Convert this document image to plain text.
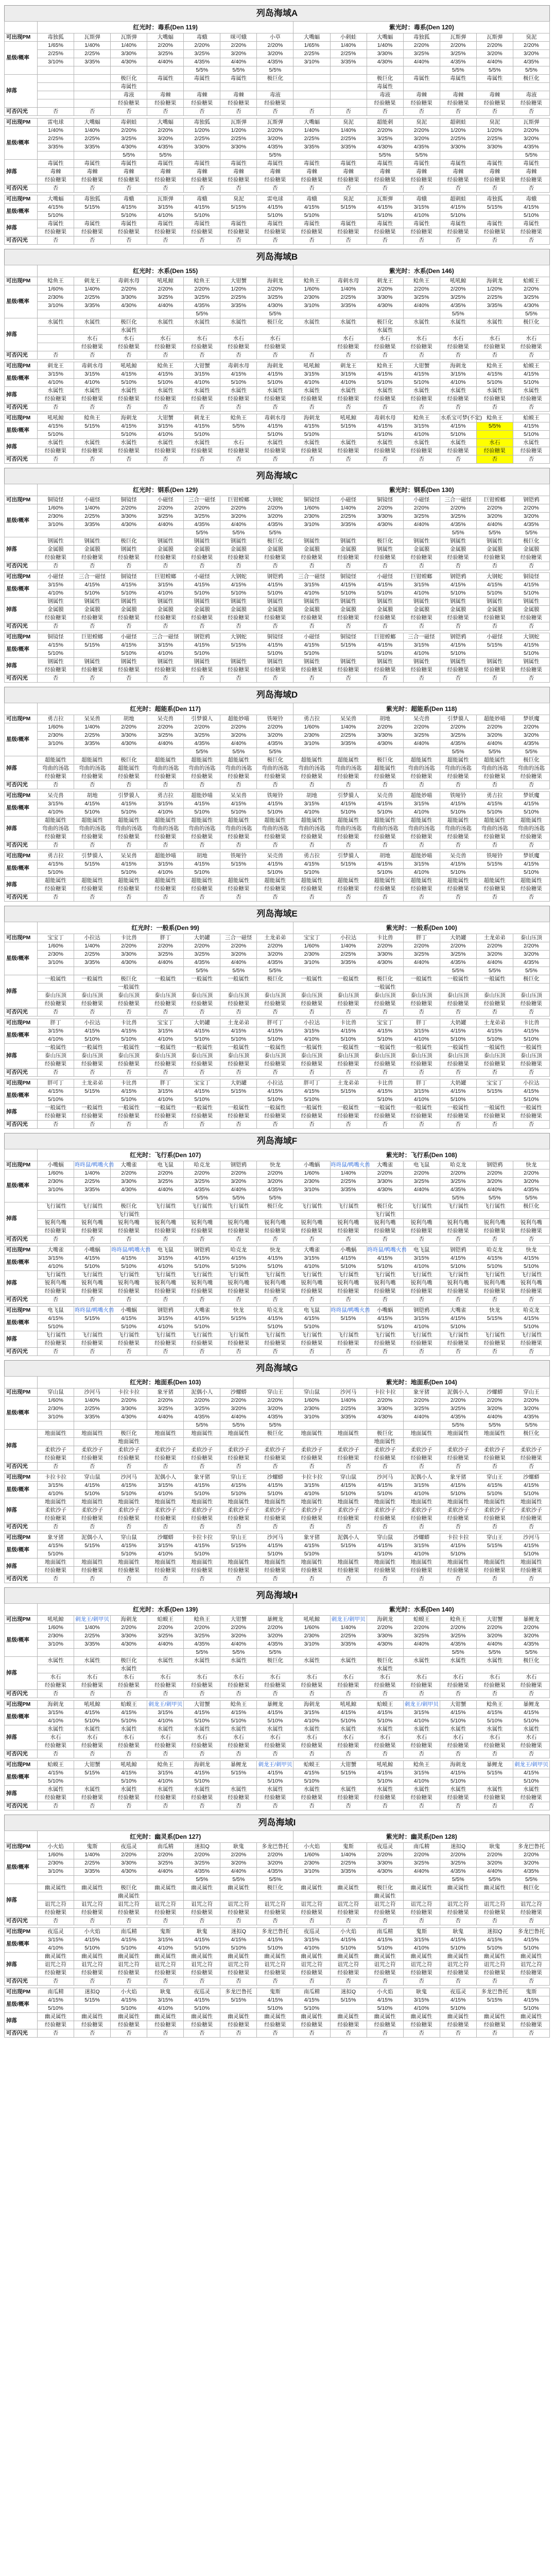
列岛海域A
	红光时：毒系(Den 119)							紫光时：毒系(Den 120)						
可出现PM	毒独狐	瓦斯弹	瓦斯弹	大嘴蝠	毒蛾	咪可蛾	小草	大嘴蝠	小刺蛙	大嘴蝠	毒独狐	瓦斯弹	瓦斯弹	臭泥
星级/概率	1/65%	1/40%	1/40%	2/20%	2/20%	2/20%	2/20%	1/65%	1/40%	1/40%	2/20%	2/20%	2/20%	2/20%
	2/25%	2/25%	3/30%	3/25%	3/25%	3/20%	3/20%	2/25%	2/25%	3/30%	3/25%	3/25%	3/20%	3/20%
	3/10%	3/35%	4/30%	4/40%	4/35%	4/40%	4/35%	3/10%	3/35%	4/30%	4/40%	4/35%	4/40%	4/35%
					5/5%	5/5%	5/5%					5/5%	5/5%	5/5%
掉落			极巨化	毒属性	毒属性	毒属性	极巨化			极巨化	毒属性	毒属性	毒属性	极巨化
			毒属性							毒属性				
			毒液	毒棘	毒棘	毒棘	毒液			毒液	毒棘	毒棘	毒棘	毒液
			经验糖果	经验糖果	经验糖果	经验糖果	经验糖果			经验糖果	经验糖果	经验糖果	经验糖果	经验糖果
可否闪光	否	否	否	否	否	否	否	否	否	否	否	否	否	否

可出现PM	雷电球	大嘴蝠	毒刺蛙	大嘴蝠	毒独狐	瓦斯弹	瓦斯弹	大嘴蝠	臭泥	超能刺	臭泥	超刺蛙	臭泥	瓦斯弹
星级/概率	1/40%	1/40%	2/20%	2/20%	1/20%	1/20%	2/20%	1/40%	1/40%	2/20%	2/20%	1/20%	1/20%	2/20%
	2/25%	2/25%	3/25%	3/20%	2/25%	2/25%	3/20%	2/25%	2/25%	3/25%	3/20%	2/25%	2/25%	3/20%
	3/35%	3/35%	4/30%	4/35%	3/30%	3/30%	4/35%	3/35%	3/35%	4/30%	4/35%	3/30%	3/30%	4/35%
			5/5%	5/5%			5/5%			5/5%	5/5%			5/5%
掉落	毒属性	毒属性	毒属性	毒属性	毒属性	毒属性	毒属性	毒属性	毒属性	毒属性	毒属性	毒属性	毒属性	毒属性
	毒棘	毒棘	毒棘	毒棘	毒棘	毒棘	毒棘	毒棘	毒棘	毒棘	毒棘	毒棘	毒棘	毒棘
	经验糖果	经验糖果	经验糖果	经验糖果	经验糖果	经验糖果	经验糖果	经验糖果	经验糖果	经验糖果	经验糖果	经验糖果	经验糖果	经验糖果
可否闪光	否	否	否	否	否	否	否	否	否	否	否	否	否	否

可出现PM	大嘴蝠	毒独狐	毒蛾	瓦斯弹	毒蛾	臭泥	雷电球	毒蛾	臭泥	瓦斯弹	毒蛾	超刺蛙	毒独狐	毒蛾
星级/概率	4/15%	5/15%	4/15%	3/15%	4/15%	5/15%	4/15%	4/15%	5/15%	4/15%	3/15%	4/15%	5/15%	4/15%
	5/10%		5/10%	4/10%	5/10%		5/10%	5/10%		5/10%	4/10%	5/10%		5/10%
掉落	毒属性	毒属性	毒属性	毒属性	毒属性	毒属性	毒属性	毒属性	毒属性	毒属性	毒属性	毒属性	毒属性	毒属性
	经验糖果	经验糖果	经验糖果	经验糖果	经验糖果	经验糖果	经验糖果	经验糖果	经验糖果	经验糖果	经验糖果	经验糖果	经验糖果	经验糖果
可否闪光	否	否	否	否	否	否	否	否	否	否	否	否	否	否
列岛海域B
	红光时：水系(Den 155)							紫光时：水系(Den 146)						
可出现PM	鲶鱼王	刺龙王	毒刺水母	吼吼鲸	鲶鱼王	大钳蟹	海刺龙	鲶鱼王	毒刺水母	刺龙王	鲶鱼王	吼吼鲸	海刺龙	蛤蟆王
星级/概率	1/60%	1/40%	2/20%	2/20%	2/20%	1/20%	2/20%	1/60%	1/40%	2/20%	2/20%	2/20%	1/20%	2/20%
	2/30%	2/25%	3/30%	3/25%	3/25%	2/25%	3/25%	2/30%	2/25%	3/30%	3/25%	3/25%	2/25%	3/25%
	3/10%	3/35%	4/30%	4/40%	4/35%	3/35%	4/30%	3/10%	3/35%	4/30%	4/40%	4/35%	3/35%	4/30%
					5/5%		5/5%					5/5%		5/5%
掉落	水属性	水属性	极巨化	水属性	水属性	水属性	极巨化	水属性	水属性	极巨化	水属性	水属性	水属性	极巨化
			水属性							水属性				
		水石	水石	水石	水石	水石	水石		水石	水石	水石	水石	水石	水石
		经验糖果	经验糖果	经验糖果	经验糖果	经验糖果	经验糖果		经验糖果	经验糖果	经验糖果	经验糖果	经验糖果	经验糖果
可否闪光	否	否	否	否	否	否	否	否	否	否	否	否	否	否

可出现PM	刺龙王	毒刺水母	吼吼鲸	鲶鱼王	大钳蟹	毒刺水母	海刺龙	吼吼鲸	刺龙王	鲶鱼王	大钳蟹	海刺龙	鲶鱼王	蛤蟆王
星级/概率	3/15%	3/15%	4/15%	4/15%	3/15%	4/15%	4/15%	3/15%	3/15%	4/15%	4/15%	3/15%	4/15%	4/15%
	4/10%	4/10%	5/10%	5/10%	4/10%	5/10%	5/10%	4/10%	4/10%	5/10%	5/10%	4/10%	5/10%	5/10%
掉落	水属性	水属性	水属性	水属性	水属性	水属性	水属性	水属性	水属性	水属性	水属性	水属性	水属性	水属性
	经验糖果	经验糖果	经验糖果	经验糖果	经验糖果	经验糖果	经验糖果	经验糖果	经验糖果	经验糖果	经验糖果	经验糖果	经验糖果	经验糖果
可否闪光	否	否	否	否	否	否	否	否	否	否	否	否	否	否

可出现PM	吼吼鲸	鲶鱼王	海刺龙	大钳蟹	刺龙王	鲶鱼王	毒刺水母	海刺龙	吼吼鲸	毒刺水母	鲶鱼王	水系宝可梦(不定)	鲶鱼王	蛤蟆王
星级/概率	4/15%	5/15%	4/15%	3/15%	4/15%	5/5%	4/15%	4/15%	5/15%	4/15%	3/15%	4/15%	5/5%	4/15%
	5/10%		5/10%	4/10%	5/10%		5/10%	5/10%		5/10%	4/10%	5/10%		5/10%
掉落	水属性	水属性	水属性	水属性	水属性	水石	水属性	水属性	水属性	水属性	水属性	水属性	水石	水属性
	经验糖果	经验糖果	经验糖果	经验糖果	经验糖果	经验糖果	经验糖果	经验糖果	经验糖果	经验糖果	经验糖果	经验糖果	经验糖果	经验糖果
可否闪光	否	否	否	否	否	否	否	否	否	否	否	否	否	否
列岛海域C
	红光时：钢系(Den 129)							紫光时：钢系(Den 130)						
可出现PM	铜镜怪	小磁怪	铜镜怪	小磁怪	三合一磁怪	巨钳螳螂	大钢蛇	铜镜怪	小磁怪	铜镜怪	小磁怪	三合一磁怪	巨钳螳螂	钢铠鸦
星级/概率	1/60%	1/40%	2/20%	2/20%	2/20%	2/20%	2/20%	1/60%	1/40%	2/20%	2/20%	2/20%	2/20%	2/20%
	2/30%	2/25%	3/30%	3/25%	3/25%	3/20%	3/20%	2/30%	2/25%	3/30%	3/25%	3/25%	3/20%	3/20%
	3/10%	3/35%	4/30%	4/40%	4/35%	4/40%	4/35%	3/10%	3/35%	4/30%	4/40%	4/35%	4/40%	4/35%
					5/5%	5/5%	5/5%					5/5%	5/5%	5/5%
掉落	钢属性	钢属性	极巨化	钢属性	钢属性	钢属性	极巨化	钢属性	钢属性	极巨化	钢属性	钢属性	钢属性	极巨化
	金属膜	金属膜	钢属性	金属膜	金属膜	金属膜	金属膜	金属膜	金属膜	钢属性	金属膜	金属膜	金属膜	金属膜
	经验糖果	经验糖果	经验糖果	经验糖果	经验糖果	经验糖果	经验糖果	经验糖果	经验糖果	经验糖果	经验糖果	经验糖果	经验糖果	经验糖果
可否闪光	否	否	否	否	否	否	否	否	否	否	否	否	否	否

可出现PM	小磁怪	三合一磁怪	铜镜怪	巨钳螳螂	小磁怪	大钢蛇	钢铠鸦	三合一磁怪	铜镜怪	小磁怪	巨钳螳螂	钢铠鸦	大钢蛇	铜镜怪
星级/概率	3/15%	4/15%	4/15%	3/15%	4/15%	4/15%	4/15%	3/15%	4/15%	4/15%	3/15%	4/15%	4/15%	4/15%
	4/10%	5/10%	5/10%	4/10%	5/10%	5/10%	5/10%	4/10%	5/10%	5/10%	4/10%	5/10%	5/10%	5/10%
掉落	钢属性	钢属性	钢属性	钢属性	钢属性	钢属性	钢属性	钢属性	钢属性	钢属性	钢属性	钢属性	钢属性	钢属性
	金属膜	金属膜	金属膜	金属膜	金属膜	金属膜	金属膜	金属膜	金属膜	金属膜	金属膜	金属膜	金属膜	金属膜
	经验糖果	经验糖果	经验糖果	经验糖果	经验糖果	经验糖果	经验糖果	经验糖果	经验糖果	经验糖果	经验糖果	经验糖果	经验糖果	经验糖果
可否闪光	否	否	否	否	否	否	否	否	否	否	否	否	否	否

可出现PM	铜镜怪	巨钳螳螂	小磁怪	三合一磁怪	钢铠鸦	大钢蛇	铜镜怪	小磁怪	铜镜怪	巨钳螳螂	三合一磁怪	钢铠鸦	小磁怪	大钢蛇
星级/概率	4/15%	5/15%	4/15%	3/15%	4/15%	5/15%	4/15%	4/15%	5/15%	4/15%	3/15%	4/15%	5/15%	4/15%
	5/10%		5/10%	4/10%	5/10%		5/10%	5/10%		5/10%	4/10%	5/10%		5/10%
掉落	钢属性	钢属性	钢属性	钢属性	钢属性	钢属性	钢属性	钢属性	钢属性	钢属性	钢属性	钢属性	钢属性	钢属性
	经验糖果	经验糖果	经验糖果	经验糖果	经验糖果	经验糖果	经验糖果	经验糖果	经验糖果	经验糖果	经验糖果	经验糖果	经验糖果	经验糖果
可否闪光	否	否	否	否	否	否	否	否	否	否	否	否	否	否
列岛海域D
	红光时：超能系(Den 117)							紫光时：超能系(Den 118)						
可出现PM	勇吉拉	呆呆兽	胡地	呆壳兽	引梦貘人	超能妙喵	铁哑铃	勇吉拉	呆呆兽	胡地	呆壳兽	引梦貘人	超能妙喵	梦妖魔
星级/概率	1/60%	1/40%	2/20%	2/20%	2/20%	2/20%	2/20%	1/60%	1/40%	2/20%	2/20%	2/20%	2/20%	2/20%
	2/30%	2/25%	3/30%	3/25%	3/25%	3/20%	3/20%	2/30%	2/25%	3/30%	3/25%	3/25%	3/20%	3/20%
	3/10%	3/35%	4/30%	4/40%	4/35%	4/40%	4/35%	3/10%	3/35%	4/30%	4/40%	4/35%	4/40%	4/35%
					5/5%	5/5%	5/5%					5/5%	5/5%	5/5%
掉落	超能属性	超能属性	极巨化	超能属性	超能属性	超能属性	极巨化	超能属性	超能属性	极巨化	超能属性	超能属性	超能属性	极巨化
	弯曲的汤匙	弯曲的汤匙	超能属性	弯曲的汤匙	弯曲的汤匙	弯曲的汤匙	弯曲的汤匙	弯曲的汤匙	弯曲的汤匙	超能属性	弯曲的汤匙	弯曲的汤匙	弯曲的汤匙	弯曲的汤匙
	经验糖果	经验糖果	经验糖果	经验糖果	经验糖果	经验糖果	经验糖果	经验糖果	经验糖果	经验糖果	经验糖果	经验糖果	经验糖果	经验糖果
可否闪光	否	否	否	否	否	否	否	否	否	否	否	否	否	否

可出现PM	呆壳兽	胡地	引梦貘人	勇吉拉	超能妙喵	呆呆兽	铁哑铃	胡地	引梦貘人	呆壳兽	超能妙喵	铁哑铃	勇吉拉	梦妖魔
星级/概率	3/15%	4/15%	4/15%	3/15%	4/15%	4/15%	4/15%	3/15%	4/15%	4/15%	3/15%	4/15%	4/15%	4/15%
	4/10%	5/10%	5/10%	4/10%	5/10%	5/10%	5/10%	4/10%	5/10%	5/10%	4/10%	5/10%	5/10%	5/10%
掉落	超能属性	超能属性	超能属性	超能属性	超能属性	超能属性	超能属性	超能属性	超能属性	超能属性	超能属性	超能属性	超能属性	超能属性
	弯曲的汤匙	弯曲的汤匙	弯曲的汤匙	弯曲的汤匙	弯曲的汤匙	弯曲的汤匙	弯曲的汤匙	弯曲的汤匙	弯曲的汤匙	弯曲的汤匙	弯曲的汤匙	弯曲的汤匙	弯曲的汤匙	弯曲的汤匙
	经验糖果	经验糖果	经验糖果	经验糖果	经验糖果	经验糖果	经验糖果	经验糖果	经验糖果	经验糖果	经验糖果	经验糖果	经验糖果	经验糖果
可否闪光	否	否	否	否	否	否	否	否	否	否	否	否	否	否

可出现PM	勇吉拉	引梦貘人	呆呆兽	超能妙喵	胡地	铁哑铃	呆壳兽	勇吉拉	引梦貘人	胡地	超能妙喵	呆壳兽	铁哑铃	梦妖魔
星级/概率	4/15%	5/15%	4/15%	3/15%	4/15%	5/15%	4/15%	4/15%	5/15%	4/15%	3/15%	4/15%	5/15%	4/15%
	5/10%		5/10%	4/10%	5/10%		5/10%	5/10%		5/10%	4/10%	5/10%		5/10%
掉落	超能属性	超能属性	超能属性	超能属性	超能属性	超能属性	超能属性	超能属性	超能属性	超能属性	超能属性	超能属性	超能属性	超能属性
	经验糖果	经验糖果	经验糖果	经验糖果	经验糖果	经验糖果	经验糖果	经验糖果	经验糖果	经验糖果	经验糖果	经验糖果	经验糖果	经验糖果
可否闪光	否	否	否	否	否	否	否	否	否	否	否	否	否	否
列岛海域E
	红光时：一般系(Den 99)							紫光时：一般系(Den 100)						
可出现PM	宝宝丁	小拉达	卡比兽	胖丁	大奶罐	三合一磁怪	土龙弟弟	宝宝丁	小拉达	卡比兽	胖丁	大奶罐	土龙弟弟	泰山压顶
星级/概率	1/60%	1/40%	2/20%	2/20%	2/20%	2/20%	2/20%	1/60%	1/40%	2/20%	2/20%	2/20%	2/20%	2/20%
	2/30%	2/25%	3/30%	3/25%	3/25%	3/20%	3/20%	2/30%	2/25%	3/30%	3/25%	3/25%	3/20%	3/20%
	3/10%	3/35%	4/30%	4/40%	4/35%	4/40%	4/35%	3/10%	3/35%	4/30%	4/40%	4/35%	4/40%	4/35%
					5/5%	5/5%	5/5%					5/5%	5/5%	5/5%
掉落	一般属性	一般属性	极巨化	一般属性	一般属性	一般属性	极巨化	一般属性	一般属性	极巨化	一般属性	一般属性	一般属性	极巨化
			一般属性							一般属性				
	泰山压顶	泰山压顶	泰山压顶	泰山压顶	泰山压顶	泰山压顶	泰山压顶	泰山压顶	泰山压顶	泰山压顶	泰山压顶	泰山压顶	泰山压顶	泰山压顶
	经验糖果	经验糖果	经验糖果	经验糖果	经验糖果	经验糖果	经验糖果	经验糖果	经验糖果	经验糖果	经验糖果	经验糖果	经验糖果	经验糖果
可否闪光	否	否	否	否	否	否	否	否	否	否	否	否	否	否

可出现PM	胖丁	小拉达	卡比兽	宝宝丁	大奶罐	土龙弟弟	胖可丁	小拉达	卡比兽	宝宝丁	胖丁	大奶罐	土龙弟弟	卡比兽
星级/概率	3/15%	4/15%	4/15%	3/15%	4/15%	4/15%	4/15%	3/15%	4/15%	4/15%	3/15%	4/15%	4/15%	4/15%
	4/10%	5/10%	5/10%	4/10%	5/10%	5/10%	5/10%	4/10%	5/10%	5/10%	4/10%	5/10%	5/10%	5/10%
掉落	一般属性	一般属性	一般属性	一般属性	一般属性	一般属性	一般属性	一般属性	一般属性	一般属性	一般属性	一般属性	一般属性	一般属性
	泰山压顶	泰山压顶	泰山压顶	泰山压顶	泰山压顶	泰山压顶	泰山压顶	泰山压顶	泰山压顶	泰山压顶	泰山压顶	泰山压顶	泰山压顶	泰山压顶
	经验糖果	经验糖果	经验糖果	经验糖果	经验糖果	经验糖果	经验糖果	经验糖果	经验糖果	经验糖果	经验糖果	经验糖果	经验糖果	经验糖果
可否闪光	否	否	否	否	否	否	否	否	否	否	否	否	否	否

可出现PM	胖可丁	土龙弟弟	卡比兽	胖丁	宝宝丁	大奶罐	小拉达	胖可丁	土龙弟弟	卡比兽	胖丁	大奶罐	宝宝丁	小拉达
星级/概率	4/15%	5/15%	4/15%	3/15%	4/15%	5/15%	4/15%	4/15%	5/15%	4/15%	3/15%	4/15%	5/15%	4/15%
	5/10%		5/10%	4/10%	5/10%		5/10%	5/10%		5/10%	4/10%	5/10%		5/10%
掉落	一般属性	一般属性	一般属性	一般属性	一般属性	一般属性	一般属性	一般属性	一般属性	一般属性	一般属性	一般属性	一般属性	一般属性
	经验糖果	经验糖果	经验糖果	经验糖果	经验糖果	经验糖果	经验糖果	经验糖果	经验糖果	经验糖果	经验糖果	经验糖果	经验糖果	经验糖果
可否闪光	否	否	否	否	否	否	否	否	否	否	否	否	否	否
列岛海域F
	红光时：飞行系(Den 107)							紫光时：飞行系(Den 108)						
可出现PM	小嘴蜗	咚咚鼠/鸭嘴火兽	大嘴雀	电飞鼠	哈克龙	钢铠鸦	快龙	小嘴蜗	咚咚鼠/鸭嘴火兽	大嘴雀	电飞鼠	哈克龙	钢铠鸦	快龙
星级/概率	1/60%	1/40%	2/20%	2/20%	2/20%	2/20%	2/20%	1/60%	1/40%	2/20%	2/20%	2/20%	2/20%	2/20%
	2/30%	2/25%	3/30%	3/25%	3/25%	3/20%	3/20%	2/30%	2/25%	3/30%	3/25%	3/25%	3/20%	3/20%
	3/10%	3/35%	4/30%	4/40%	4/35%	4/40%	4/35%	3/10%	3/35%	4/30%	4/40%	4/35%	4/40%	4/35%
					5/5%	5/5%	5/5%					5/5%	5/5%	5/5%
掉落	飞行属性	飞行属性	极巨化	飞行属性	飞行属性	飞行属性	极巨化	飞行属性	飞行属性	极巨化	飞行属性	飞行属性	飞行属性	极巨化
			飞行属性							飞行属性				
	锐利鸟嘴	锐利鸟嘴	锐利鸟嘴	锐利鸟嘴	锐利鸟嘴	锐利鸟嘴	锐利鸟嘴	锐利鸟嘴	锐利鸟嘴	锐利鸟嘴	锐利鸟嘴	锐利鸟嘴	锐利鸟嘴	锐利鸟嘴
	经验糖果	经验糖果	经验糖果	经验糖果	经验糖果	经验糖果	经验糖果	经验糖果	经验糖果	经验糖果	经验糖果	经验糖果	经验糖果	经验糖果
可否闪光	否	否	否	否	否	否	否	否	否	否	否	否	否	否

可出现PM	大嘴雀	小嘴蜗	咚咚鼠/鸭嘴火兽	电飞鼠	钢铠鸦	哈克龙	快龙	大嘴雀	小嘴蜗	咚咚鼠/鸭嘴火兽	电飞鼠	钢铠鸦	哈克龙	快龙
星级/概率	3/15%	4/15%	4/15%	3/15%	4/15%	4/15%	4/15%	3/15%	4/15%	4/15%	3/15%	4/15%	4/15%	4/15%
	4/10%	5/10%	5/10%	4/10%	5/10%	5/10%	5/10%	4/10%	5/10%	5/10%	4/10%	5/10%	5/10%	5/10%
掉落	飞行属性	飞行属性	飞行属性	飞行属性	飞行属性	飞行属性	飞行属性	飞行属性	飞行属性	飞行属性	飞行属性	飞行属性	飞行属性	飞行属性
	锐利鸟嘴	锐利鸟嘴	锐利鸟嘴	锐利鸟嘴	锐利鸟嘴	锐利鸟嘴	锐利鸟嘴	锐利鸟嘴	锐利鸟嘴	锐利鸟嘴	锐利鸟嘴	锐利鸟嘴	锐利鸟嘴	锐利鸟嘴
	经验糖果	经验糖果	经验糖果	经验糖果	经验糖果	经验糖果	经验糖果	经验糖果	经验糖果	经验糖果	经验糖果	经验糖果	经验糖果	经验糖果
可否闪光	否	否	否	否	否	否	否	否	否	否	否	否	否	否

可出现PM	电飞鼠	咚咚鼠/鸭嘴火兽	小嘴蜗	钢铠鸦	大嘴雀	快龙	哈克龙	电飞鼠	咚咚鼠/鸭嘴火兽	小嘴蜗	钢铠鸦	大嘴雀	快龙	哈克龙
星级/概率	4/15%	5/15%	4/15%	3/15%	4/15%	5/15%	4/15%	4/15%	5/15%	4/15%	3/15%	4/15%	5/15%	4/15%
	5/10%		5/10%	4/10%	5/10%		5/10%	5/10%		5/10%	4/10%	5/10%		5/10%
掉落	飞行属性	飞行属性	飞行属性	飞行属性	飞行属性	飞行属性	飞行属性	飞行属性	飞行属性	飞行属性	飞行属性	飞行属性	飞行属性	飞行属性
	经验糖果	经验糖果	经验糖果	经验糖果	经验糖果	经验糖果	经验糖果	经验糖果	经验糖果	经验糖果	经验糖果	经验糖果	经验糖果	经验糖果
可否闪光	否	否	否	否	否	否	否	否	否	否	否	否	否	否
列岛海域G
	红光时：地面系(Den 103)							紫光时：地面系(Den 104)						
可出现PM	穿山鼠	沙河马	卡拉卡拉	象牙猪	泥偶小人	沙螺蟒	穿山王	穿山鼠	沙河马	卡拉卡拉	象牙猪	泥偶小人	沙螺蟒	穿山王
星级/概率	1/60%	1/40%	2/20%	2/20%	2/20%	2/20%	2/20%	1/60%	1/40%	2/20%	2/20%	2/20%	2/20%	2/20%
	2/30%	2/25%	3/30%	3/25%	3/25%	3/20%	3/20%	2/30%	2/25%	3/30%	3/25%	3/25%	3/20%	3/20%
	3/10%	3/35%	4/30%	4/40%	4/35%	4/40%	4/35%	3/10%	3/35%	4/30%	4/40%	4/35%	4/40%	4/35%
					5/5%	5/5%	5/5%					5/5%	5/5%	5/5%
掉落	地面属性	地面属性	极巨化	地面属性	地面属性	地面属性	极巨化	地面属性	地面属性	极巨化	地面属性	地面属性	地面属性	极巨化
			地面属性							地面属性				
	柔软沙子	柔软沙子	柔软沙子	柔软沙子	柔软沙子	柔软沙子	柔软沙子	柔软沙子	柔软沙子	柔软沙子	柔软沙子	柔软沙子	柔软沙子	柔软沙子
	经验糖果	经验糖果	经验糖果	经验糖果	经验糖果	经验糖果	经验糖果	经验糖果	经验糖果	经验糖果	经验糖果	经验糖果	经验糖果	经验糖果
可否闪光	否	否	否	否	否	否	否	否	否	否	否	否	否	否

可出现PM	卡拉卡拉	穿山鼠	沙河马	泥偶小人	象牙猪	穿山王	沙螺蟒	卡拉卡拉	穿山鼠	沙河马	泥偶小人	象牙猪	穿山王	沙螺蟒
星级/概率	3/15%	4/15%	4/15%	3/15%	4/15%	4/15%	4/15%	3/15%	4/15%	4/15%	3/15%	4/15%	4/15%	4/15%
	4/10%	5/10%	5/10%	4/10%	5/10%	5/10%	5/10%	4/10%	5/10%	5/10%	4/10%	5/10%	5/10%	5/10%
掉落	地面属性	地面属性	地面属性	地面属性	地面属性	地面属性	地面属性	地面属性	地面属性	地面属性	地面属性	地面属性	地面属性	地面属性
	柔软沙子	柔软沙子	柔软沙子	柔软沙子	柔软沙子	柔软沙子	柔软沙子	柔软沙子	柔软沙子	柔软沙子	柔软沙子	柔软沙子	柔软沙子	柔软沙子
	经验糖果	经验糖果	经验糖果	经验糖果	经验糖果	经验糖果	经验糖果	经验糖果	经验糖果	经验糖果	经验糖果	经验糖果	经验糖果	经验糖果
可否闪光	否	否	否	否	否	否	否	否	否	否	否	否	否	否

可出现PM	象牙猪	泥偶小人	穿山鼠	沙螺蟒	卡拉卡拉	穿山王	沙河马	象牙猪	泥偶小人	穿山鼠	沙螺蟒	卡拉卡拉	穿山王	沙河马
星级/概率	4/15%	5/15%	4/15%	3/15%	4/15%	5/15%	4/15%	4/15%	5/15%	4/15%	3/15%	4/15%	5/15%	4/15%
	5/10%		5/10%	4/10%	5/10%		5/10%	5/10%		5/10%	4/10%	5/10%		5/10%
掉落	地面属性	地面属性	地面属性	地面属性	地面属性	地面属性	地面属性	地面属性	地面属性	地面属性	地面属性	地面属性	地面属性	地面属性
	经验糖果	经验糖果	经验糖果	经验糖果	经验糖果	经验糖果	经验糖果	经验糖果	经验糖果	经验糖果	经验糖果	经验糖果	经验糖果	经验糖果
可否闪光	否	否	否	否	否	否	否	否	否	否	否	否	否	否
列岛海域H
	红光时：水系(Den 139)							紫光时：水系(Den 140)						
可出现PM	吼吼鲸	刺龙王/刺甲贝	海刺龙	蛤蟆王	鲶鱼王	大钳蟹	暴鲤龙	吼吼鲸	刺龙王/刺甲贝	海刺龙	蛤蟆王	鲶鱼王	大钳蟹	暴鲤龙
星级/概率	1/60%	1/40%	2/20%	2/20%	2/20%	2/20%	2/20%	1/60%	1/40%	2/20%	2/20%	2/20%	2/20%	2/20%
	2/30%	2/25%	3/30%	3/25%	3/25%	3/20%	3/20%	2/30%	2/25%	3/30%	3/25%	3/25%	3/20%	3/20%
	3/10%	3/35%	4/30%	4/40%	4/35%	4/40%	4/35%	3/10%	3/35%	4/30%	4/40%	4/35%	4/40%	4/35%
					5/5%	5/5%	5/5%					5/5%	5/5%	5/5%
掉落	水属性	水属性	极巨化	水属性	水属性	水属性	极巨化	水属性	水属性	极巨化	水属性	水属性	水属性	极巨化
			水属性							水属性				
	水石	水石	水石	水石	水石	水石	水石	水石	水石	水石	水石	水石	水石	水石
	经验糖果	经验糖果	经验糖果	经验糖果	经验糖果	经验糖果	经验糖果	经验糖果	经验糖果	经验糖果	经验糖果	经验糖果	经验糖果	经验糖果
可否闪光	否	否	否	否	否	否	否	否	否	否	否	否	否	否

可出现PM	海刺龙	吼吼鲸	蛤蟆王	刺龙王/刺甲贝	大钳蟹	鲶鱼王	暴鲤龙	海刺龙	吼吼鲸	蛤蟆王	刺龙王/刺甲贝	大钳蟹	鲶鱼王	暴鲤龙
星级/概率	3/15%	4/15%	4/15%	3/15%	4/15%	4/15%	4/15%	3/15%	4/15%	4/15%	3/15%	4/15%	4/15%	4/15%
	4/10%	5/10%	5/10%	4/10%	5/10%	5/10%	5/10%	4/10%	5/10%	5/10%	4/10%	5/10%	5/10%	5/10%
掉落	水属性	水属性	水属性	水属性	水属性	水属性	水属性	水属性	水属性	水属性	水属性	水属性	水属性	水属性
	水石	水石	水石	水石	水石	水石	水石	水石	水石	水石	水石	水石	水石	水石
	经验糖果	经验糖果	经验糖果	经验糖果	经验糖果	经验糖果	经验糖果	经验糖果	经验糖果	经验糖果	经验糖果	经验糖果	经验糖果	经验糖果
可否闪光	否	否	否	否	否	否	否	否	否	否	否	否	否	否

可出现PM	蛤蟆王	大钳蟹	吼吼鲸	鲶鱼王	海刺龙	暴鲤龙	刺龙王/刺甲贝	蛤蟆王	大钳蟹	吼吼鲸	鲶鱼王	海刺龙	暴鲤龙	刺龙王/刺甲贝
星级/概率	4/15%	5/15%	4/15%	3/15%	4/15%	5/15%	4/15%	4/15%	5/15%	4/15%	3/15%	4/15%	5/15%	4/15%
	5/10%		5/10%	4/10%	5/10%		5/10%	5/10%		5/10%	4/10%	5/10%		5/10%
掉落	水属性	水属性	水属性	水属性	水属性	水属性	水属性	水属性	水属性	水属性	水属性	水属性	水属性	水属性
	经验糖果	经验糖果	经验糖果	经验糖果	经验糖果	经验糖果	经验糖果	经验糖果	经验糖果	经验糖果	经验糖果	经验糖果	经验糖果	经验糖果
可否闪光	否	否	否	否	否	否	否	否	否	否	否	否	否	否
列岛海域I
	红光时：幽灵系(Den 127)							紫光时：幽灵系(Den 128)						
可出现PM	小火焰	鬼斯	夜巡灵	南瓜精	迷拟Q	耿鬼	多龙巴鲁托	小火焰	鬼斯	夜巡灵	南瓜精	迷拟Q	耿鬼	多龙巴鲁托
星级/概率	1/60%	1/40%	2/20%	2/20%	2/20%	2/20%	2/20%	1/60%	1/40%	2/20%	2/20%	2/20%	2/20%	2/20%
	2/30%	2/25%	3/30%	3/25%	3/25%	3/20%	3/20%	2/30%	2/25%	3/30%	3/25%	3/25%	3/20%	3/20%
	3/10%	3/35%	4/30%	4/40%	4/35%	4/40%	4/35%	3/10%	3/35%	4/30%	4/40%	4/35%	4/40%	4/35%
					5/5%	5/5%	5/5%					5/5%	5/5%	5/5%
掉落	幽灵属性	幽灵属性	极巨化	幽灵属性	幽灵属性	幽灵属性	极巨化	幽灵属性	幽灵属性	极巨化	幽灵属性	幽灵属性	幽灵属性	极巨化
			幽灵属性							幽灵属性				
	诅咒之符	诅咒之符	诅咒之符	诅咒之符	诅咒之符	诅咒之符	诅咒之符	诅咒之符	诅咒之符	诅咒之符	诅咒之符	诅咒之符	诅咒之符	诅咒之符
	经验糖果	经验糖果	经验糖果	经验糖果	经验糖果	经验糖果	经验糖果	经验糖果	经验糖果	经验糖果	经验糖果	经验糖果	经验糖果	经验糖果
可否闪光	否	否	否	否	否	否	否	否	否	否	否	否	否	否

可出现PM	夜巡灵	小火焰	南瓜精	鬼斯	耿鬼	迷拟Q	多龙巴鲁托	夜巡灵	小火焰	南瓜精	鬼斯	耿鬼	迷拟Q	多龙巴鲁托
星级/概率	3/15%	4/15%	4/15%	3/15%	4/15%	4/15%	4/15%	3/15%	4/15%	4/15%	3/15%	4/15%	4/15%	4/15%
	4/10%	5/10%	5/10%	4/10%	5/10%	5/10%	5/10%	4/10%	5/10%	5/10%	4/10%	5/10%	5/10%	5/10%
掉落	幽灵属性	幽灵属性	幽灵属性	幽灵属性	幽灵属性	幽灵属性	幽灵属性	幽灵属性	幽灵属性	幽灵属性	幽灵属性	幽灵属性	幽灵属性	幽灵属性
	诅咒之符	诅咒之符	诅咒之符	诅咒之符	诅咒之符	诅咒之符	诅咒之符	诅咒之符	诅咒之符	诅咒之符	诅咒之符	诅咒之符	诅咒之符	诅咒之符
	经验糖果	经验糖果	经验糖果	经验糖果	经验糖果	经验糖果	经验糖果	经验糖果	经验糖果	经验糖果	经验糖果	经验糖果	经验糖果	经验糖果
可否闪光	否	否	否	否	否	否	否	否	否	否	否	否	否	否

可出现PM	南瓜精	迷拟Q	小火焰	耿鬼	夜巡灵	多龙巴鲁托	鬼斯	南瓜精	迷拟Q	小火焰	耿鬼	夜巡灵	多龙巴鲁托	鬼斯
星级/概率	4/15%	5/15%	4/15%	3/15%	4/15%	5/15%	4/15%	4/15%	5/15%	4/15%	3/15%	4/15%	5/15%	4/15%
	5/10%		5/10%	4/10%	5/10%		5/10%	5/10%		5/10%	4/10%	5/10%		5/10%
掉落	幽灵属性	幽灵属性	幽灵属性	幽灵属性	幽灵属性	幽灵属性	幽灵属性	幽灵属性	幽灵属性	幽灵属性	幽灵属性	幽灵属性	幽灵属性	幽灵属性
	经验糖果	经验糖果	经验糖果	经验糖果	经验糖果	经验糖果	经验糖果	经验糖果	经验糖果	经验糖果	经验糖果	经验糖果	经验糖果	经验糖果
可否闪光	否	否	否	否	否	否	否	否	否	否	否	否	否	否
